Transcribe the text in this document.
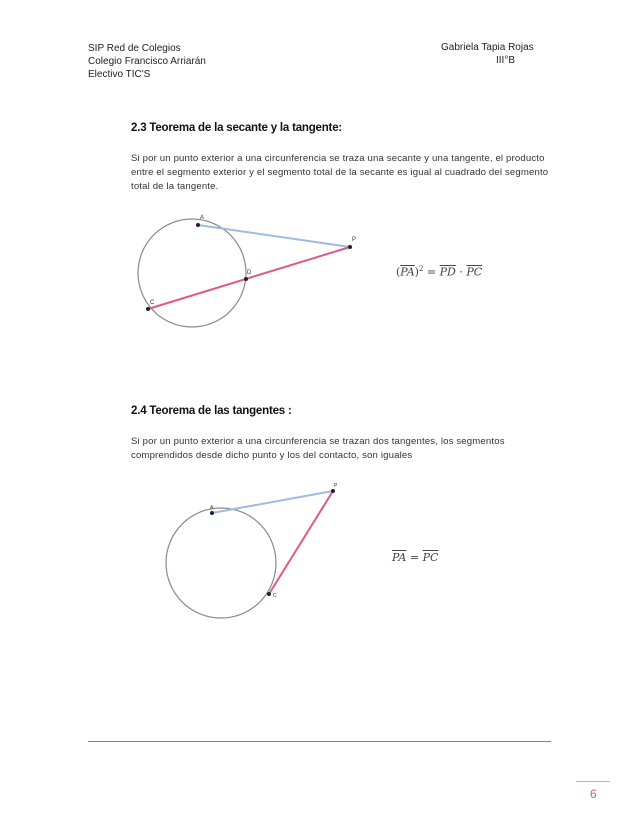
SIP Red de Colegios
Colegio Francisco Arriarán
Electivo TIC'S
Gabriela Tapia Rojas
III°B
2.3 Teorema de la secante y la tangente:
Si por un punto exterior a una circunferencia se traza una secante y una tangente, el producto entre el segmento exterior y el segmento total de la secante es igual al cuadrado del segmento total de la tangente.
A
P
D
C
$(\overline{PA})^2 = \overline{PD} \cdot \overline{PC}$
2.4 Teorema de las tangentes :
Si por un punto exterior a una circunferencia se trazan dos tangentes, los segmentos comprendidos desde dicho punto y los del contacto, son iguales
A
P
C
$\overline{PA} = \overline{PC}$
6
